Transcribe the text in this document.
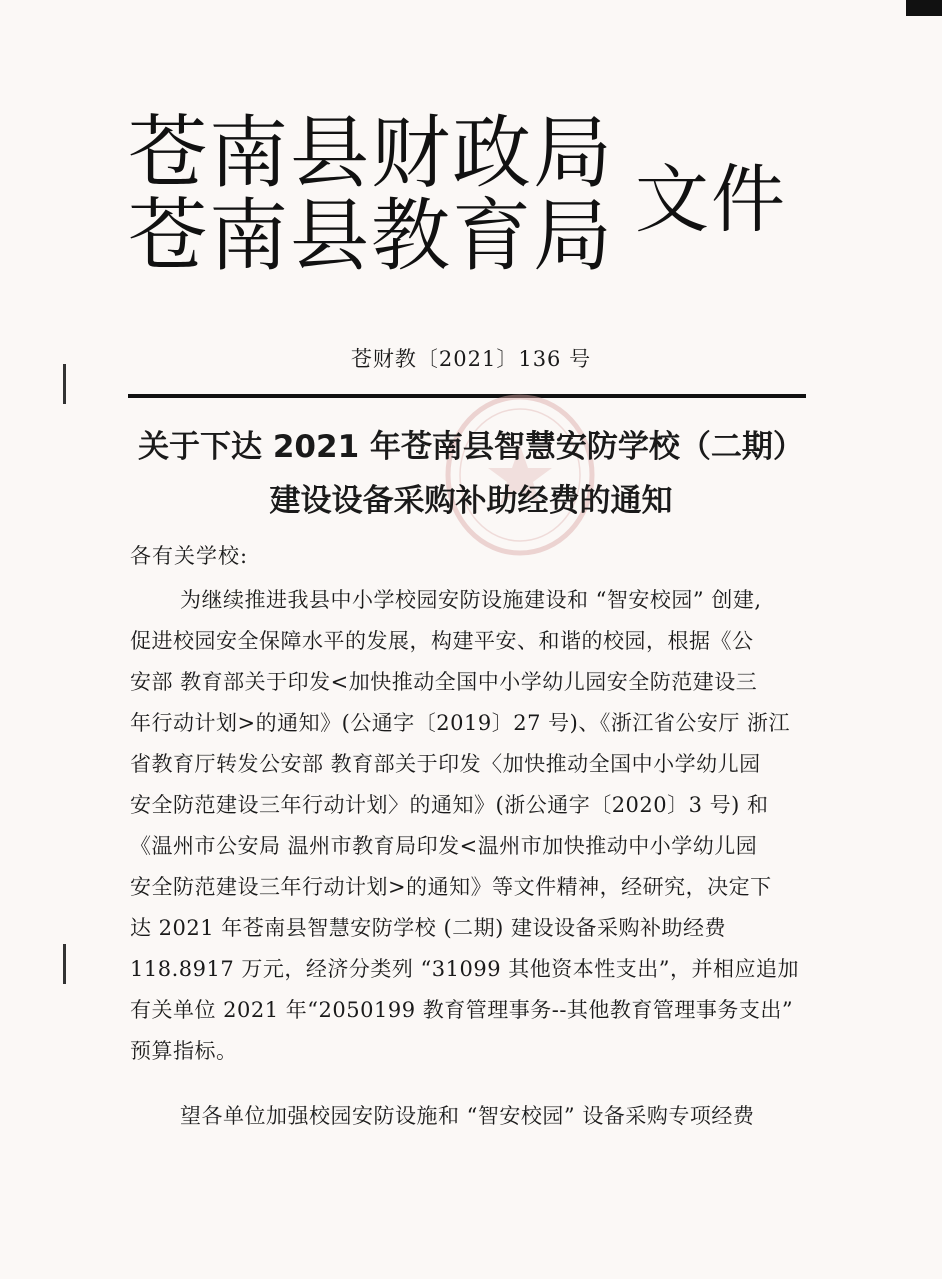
苍南县财政局
苍南县教育局 文件
苍财教〔2021〕136 号
关于下达 2021 年苍南县智慧安防学校（二期）
建设设备采购补助经费的通知
各有关学校:
为继续推进我县中小学校园安防设施建设和 “智安校园” 创建,
促进校园安全保障水平的发展，构建平安、和谐的校园，根据《公
安部 教育部关于印发<加快推动全国中小学幼儿园安全防范建设三
年行动计划>的通知》(公通字〔2019〕27 号)、《浙江省公安厅 浙江
省教育厅转发公安部 教育部关于印发〈加快推动全国中小学幼儿园
安全防范建设三年行动计划〉的通知》(浙公通字〔2020〕3 号) 和
《温州市公安局 温州市教育局印发<温州市加快推动中小学幼儿园
安全防范建设三年行动计划>的通知》等文件精神，经研究，决定下
达 2021 年苍南县智慧安防学校 (二期) 建设设备采购补助经费
118.8917 万元，经济分类列 “31099 其他资本性支出”，并相应追加
有关单位 2021 年“2050199 教育管理事务--其他教育管理事务支出”
预算指标。
望各单位加强校园安防设施和 “智安校园” 设备采购专项经费
